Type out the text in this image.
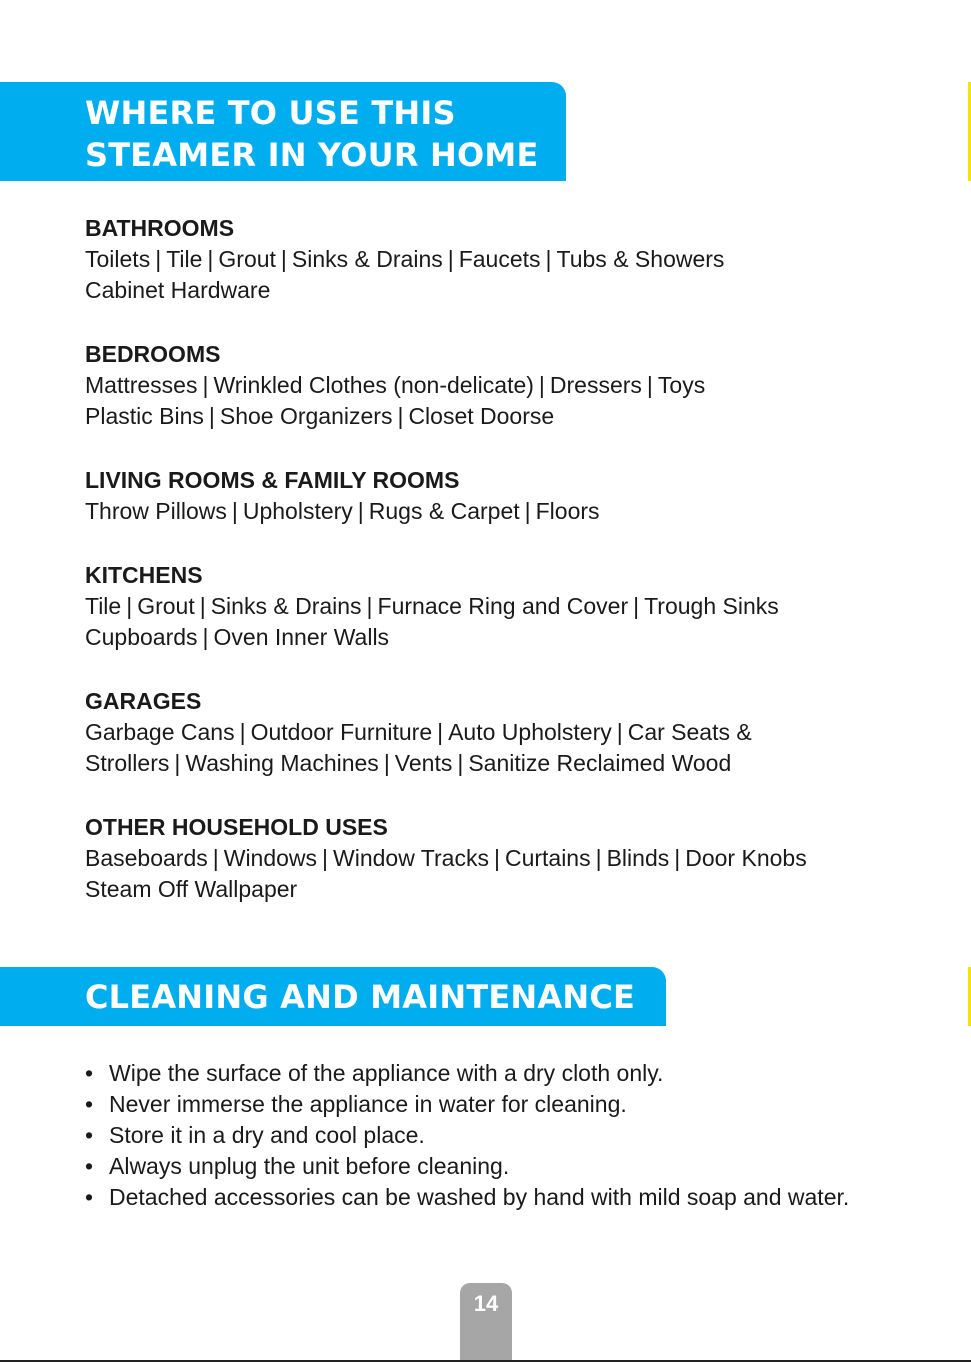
WHERE TO USE THIS
STEAMER IN YOUR HOME
BATHROOMS

Toilets | Tile | Grout | Sinks & Drains | Faucets | Tubs & Showers

Cabinet Hardware

BEDROOMS

Mattresses | Wrinkled Clothes (non-delicate) | Dressers | Toys

Plastic Bins | Shoe Organizers | Closet Doorse

LIVING ROOMS & FAMILY ROOMS

Throw Pillows | Upholstery | Rugs & Carpet | Floors

KITCHENS

Tile | Grout | Sinks & Drains | Furnace Ring and Cover | Trough Sinks

Cupboards | Oven Inner Walls

GARAGES

Garbage Cans | Outdoor Furniture | Auto Upholstery | Car Seats &

Strollers | Washing Machines | Vents | Sanitize Reclaimed Wood

OTHER HOUSEHOLD USES

Baseboards | Windows | Window Tracks | Curtains | Blinds | Door Knobs

Steam Off Wallpaper

CLEANING AND MAINTENANCE
• Wipe the surface of the appliance with a dry cloth only.
• Never immerse the appliance in water for cleaning.
• Store it in a dry and cool place.
• Always unplug the unit before cleaning.
• Detached accessories can be washed by hand with mild soap and water.
14
